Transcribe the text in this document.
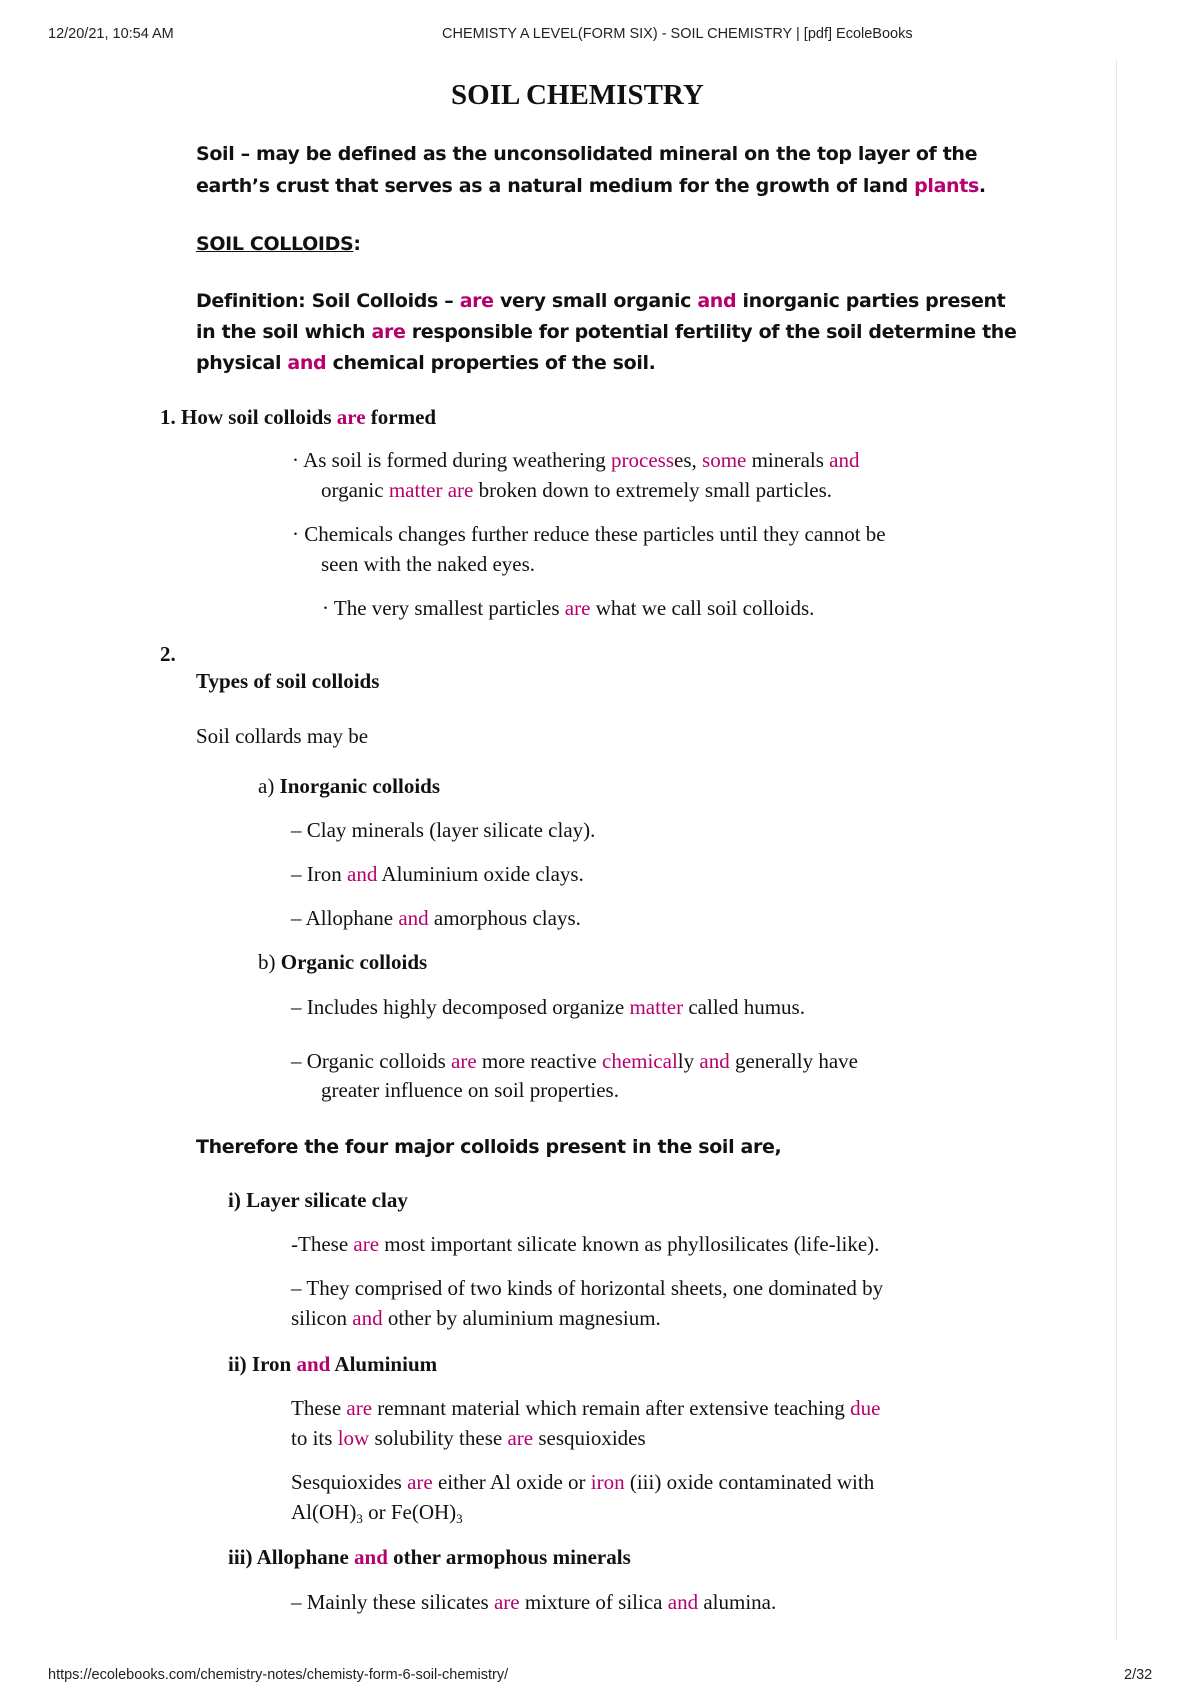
12/20/21, 10:54 AM	CHEMISTY A LEVEL(FORM SIX) - SOIL CHEMISTRY | [pdf] EcoleBooks
SOIL CHEMISTRY
Soil – may be defined as the unconsolidated mineral on the top layer of the
earth’s crust that serves as a natural medium for the growth of land plants.
SOIL COLLOIDS:
Definition: Soil Colloids – are very small organic and inorganic parties present
in the soil which are responsible for potential fertility of the soil determine the
physical and chemical properties of the soil.
1. How soil colloids are formed
· As soil is formed during weathering processes, some minerals and
organic matter are broken down to extremely small particles.
· Chemicals changes further reduce these particles until they cannot be
seen with the naked eyes.
· The very smallest particles are what we call soil colloids.
2.
Types of soil colloids
Soil collards may be
a) Inorganic colloids
– Clay minerals (layer silicate clay).
– Iron and Aluminium oxide clays.
– Allophane and amorphous clays.
b) Organic colloids
– Includes highly decomposed organize matter called humus.
– Organic colloids are more reactive chemically and generally have
greater influence on soil properties.
Therefore the four major colloids present in the soil are,
i) Layer silicate clay
-These are most important silicate known as phyllosilicates (life-like).
– They comprised of two kinds of horizontal sheets, one dominated by
silicon and other by aluminium magnesium.
ii) Iron and Aluminium
These are remnant material which remain after extensive teaching due
to its low solubility these are sesquioxides
Sesquioxides are either Al oxide or iron (iii) oxide contaminated with
$Al(OH)_3$ or $Fe(OH)_3$
iii) Allophane and other armophous minerals
– Mainly these silicates are mixture of silica and alumina.
https://ecolebooks.com/chemistry-notes/chemisty-form-6-soil-chemistry/	2/32
